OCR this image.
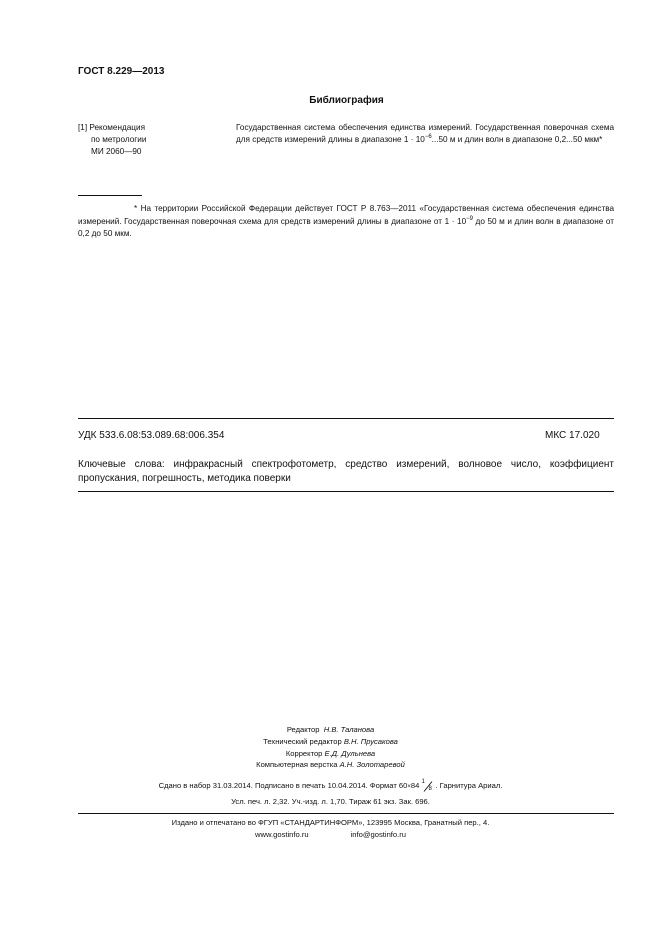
ГОСТ 8.229—2013
Библиография
[1] Рекомендация
по метрологии
МИ 2060—90
Государственная система обеспечения единства измерений. Государственная поверочная схема для средств измерений длины в диапазоне $1 \cdot 10^{-6}...50$ м и длин волн в диапазоне 0,2...50 мкм*
* На территории Российской Федерации действует ГОСТ Р 8.763—2011 «Государственная система обеспечения единства измерений. Государственная поверочная схема для средств измерений длины в диапазоне от $1 \cdot 10^{-9}$ до 50 м и длин волн в диапазоне от 0,2 до 50 мкм.
УДК 533.6.08:53.089.68:006.354	МКС 17.020
Ключевые слова: инфракрасный спектрофотометр, средство измерений, волновое число, коэффициент пропускания, погрешность, методика поверки
Редактор Н.В. Таланова
Технический редактор В.Н. Прусакова
Корректор Е.Д. Дульнева
Компьютерная верстка А.Н. Золотаревой
Сдано в набор 31.03.2014. Подписано в печать 10.04.2014. Формат 60×84 1
8 . Гарнитура Ариал.
Усл. печ. л. 2,32. Уч.-изд. л. 1,70. Тираж 61 экз. Зак. 696.
Издано и отпечатано во ФГУП «СТАНДАРТИНФОРМ», 123995 Москва, Гранатный пер., 4.
www.gostinfo.ru	info@gostinfo.ru
